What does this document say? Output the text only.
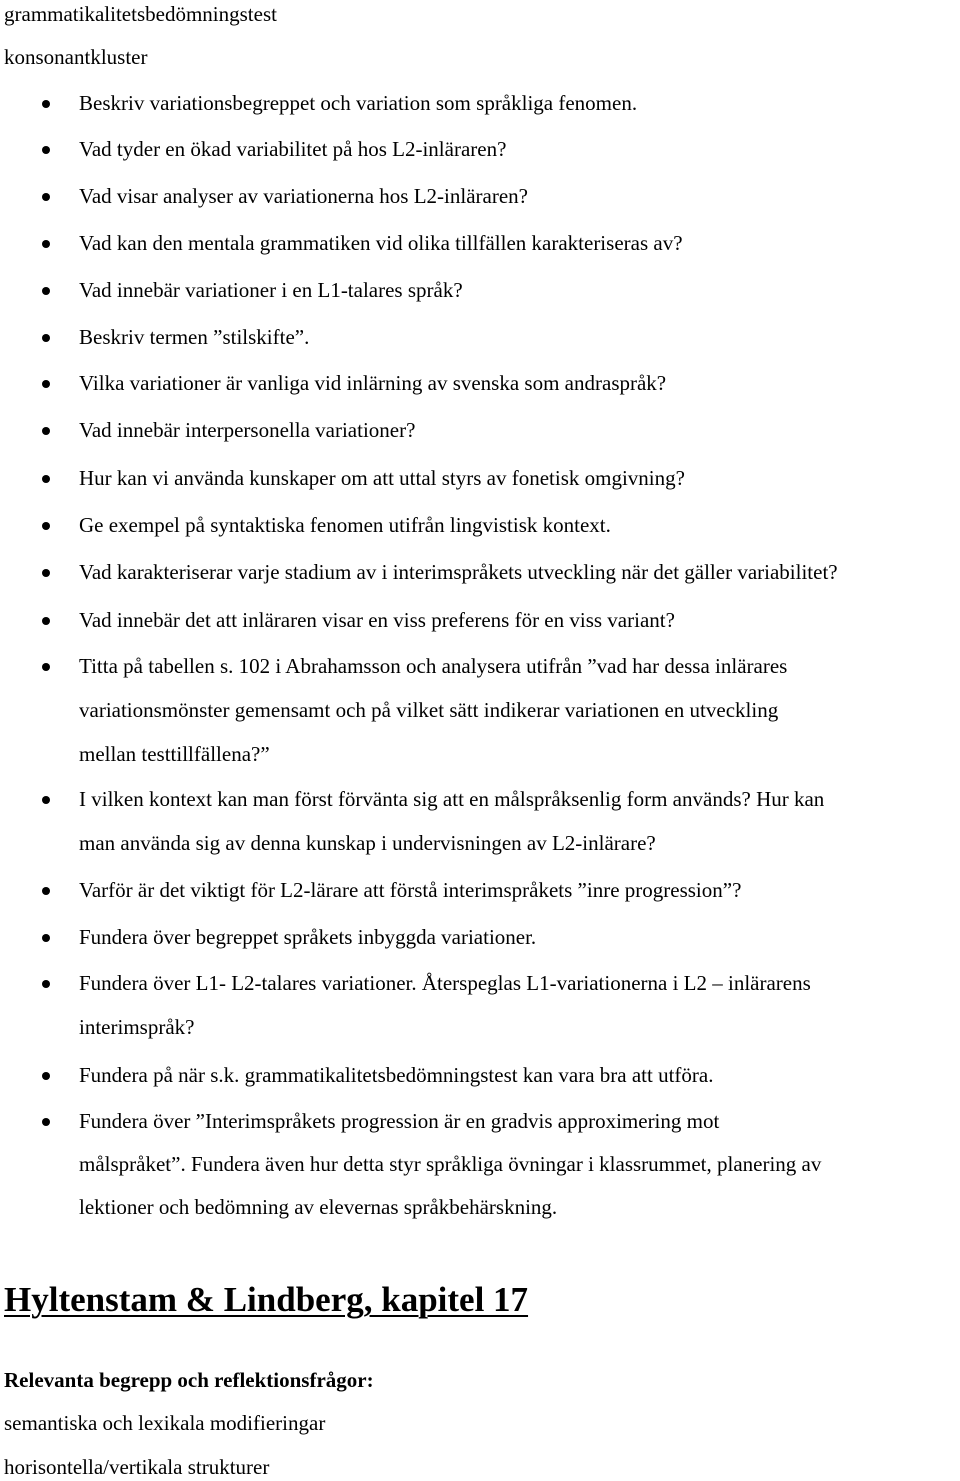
grammatikalitetsbedömningstest
konsonantkluster
Beskriv variationsbegreppet och variation som språkliga fenomen.
Vad tyder en ökad variabilitet på hos L2-inläraren?
Vad visar analyser av variationerna hos L2-inläraren?
Vad kan den mentala grammatiken vid olika tillfällen karakteriseras av?
Vad innebär variationer i en L1-talares språk?
Beskriv termen ”stilskifte”.
Vilka variationer är vanliga vid inlärning av svenska som andraspråk?
Vad innebär interpersonella variationer?
Hur kan vi använda kunskaper om att uttal styrs av fonetisk omgivning?
Ge exempel på syntaktiska fenomen utifrån lingvistisk kontext.
Vad karakteriserar varje stadium av i interimspråkets utveckling när det gäller variabilitet?
Vad innebär det att inläraren visar en viss preferens för en viss variant?
Titta på tabellen s. 102 i Abrahamsson och analysera utifrån ”vad har dessa inlärares
variationsmönster gemensamt och på vilket sätt indikerar variationen en utveckling
mellan testtillfällena?”
I vilken kontext kan man först förvänta sig att en målspråksenlig form används? Hur kan
man använda sig av denna kunskap i undervisningen av L2-inlärare?
Varför är det viktigt för L2-lärare att förstå interimspråkets ”inre progression”?
Fundera över begreppet språkets inbyggda variationer.
Fundera över L1- L2-talares variationer. Återspeglas L1-variationerna i L2 – inlärarens
interimspråk?
Fundera på när s.k. grammatikalitetsbedömningstest kan vara bra att utföra.
Fundera över ”Interimspråkets progression är en gradvis approximering mot
målspråket”. Fundera även hur detta styr språkliga övningar i klassrummet, planering av
lektioner och bedömning av elevernas språkbehärskning.
Hyltenstam & Lindberg, kapitel 17
Relevanta begrepp och reflektionsfrågor:
semantiska och lexikala modifieringar
horisontella/vertikala strukturer
